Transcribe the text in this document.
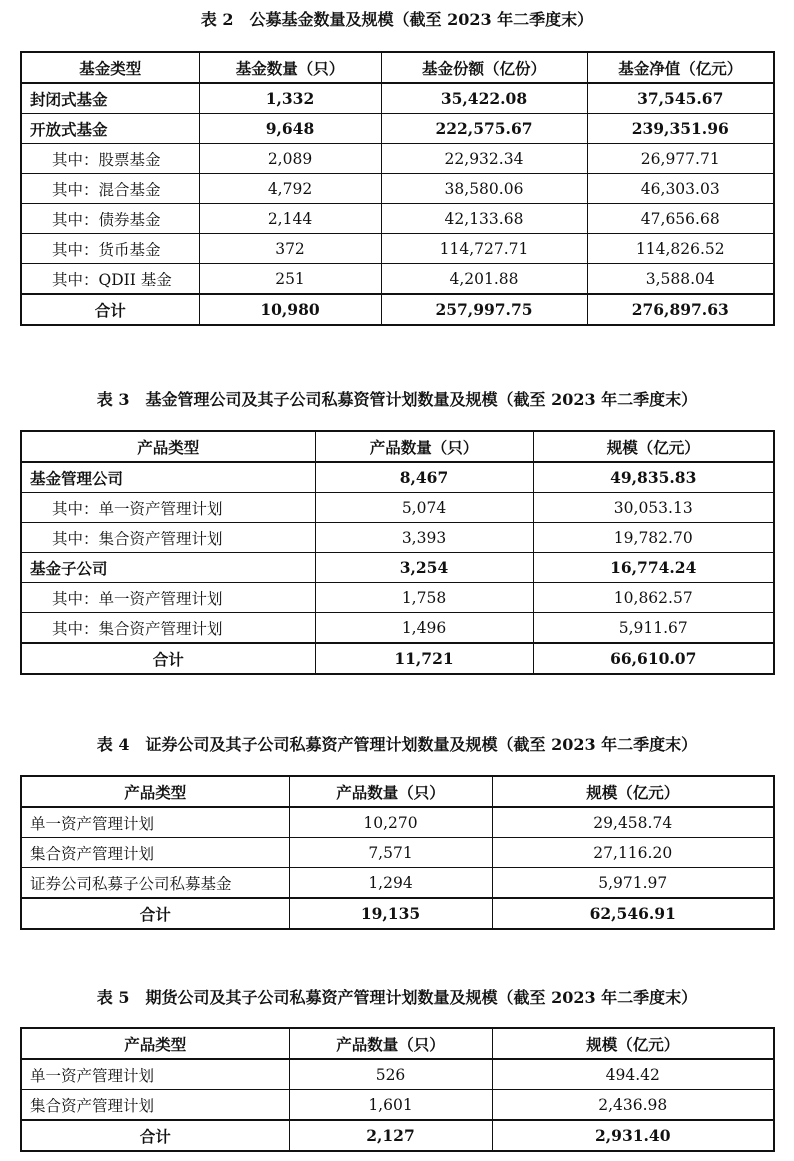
表 2　公募基金数量及规模（截至 2023 年二季度末）
基金类型	基金数量（只）	基金份额（亿份）	基金净值（亿元）
封闭式基金	1,332	35,422.08	37,545.67
开放式基金	9,648	222,575.67	239,351.96
其中：股票基金	2,089	22,932.34	26,977.71
其中：混合基金	4,792	38,580.06	46,303.03
其中：债券基金	2,144	42,133.68	47,656.68
其中：货币基金	372	114,727.71	114,826.52
其中：QDII 基金	251	4,201.88	3,588.04
合计	10,980	257,997.75	276,897.63
表 3　基金管理公司及其子公司私募资管计划数量及规模（截至 2023 年二季度末）
产品类型	产品数量（只）	规模（亿元）
基金管理公司	8,467	49,835.83
其中：单一资产管理计划	5,074	30,053.13
其中：集合资产管理计划	3,393	19,782.70
基金子公司	3,254	16,774.24
其中：单一资产管理计划	1,758	10,862.57
其中：集合资产管理计划	1,496	5,911.67
合计	11,721	66,610.07
表 4　证券公司及其子公司私募资产管理计划数量及规模（截至 2023 年二季度末）
产品类型	产品数量（只）	规模（亿元）
单一资产管理计划	10,270	29,458.74
集合资产管理计划	7,571	27,116.20
证券公司私募子公司私募基金	1,294	5,971.97
合计	19,135	62,546.91
表 5　期货公司及其子公司私募资产管理计划数量及规模（截至 2023 年二季度末）
产品类型	产品数量（只）	规模（亿元）
单一资产管理计划	526	494.42
集合资产管理计划	1,601	2,436.98
合计	2,127	2,931.40
